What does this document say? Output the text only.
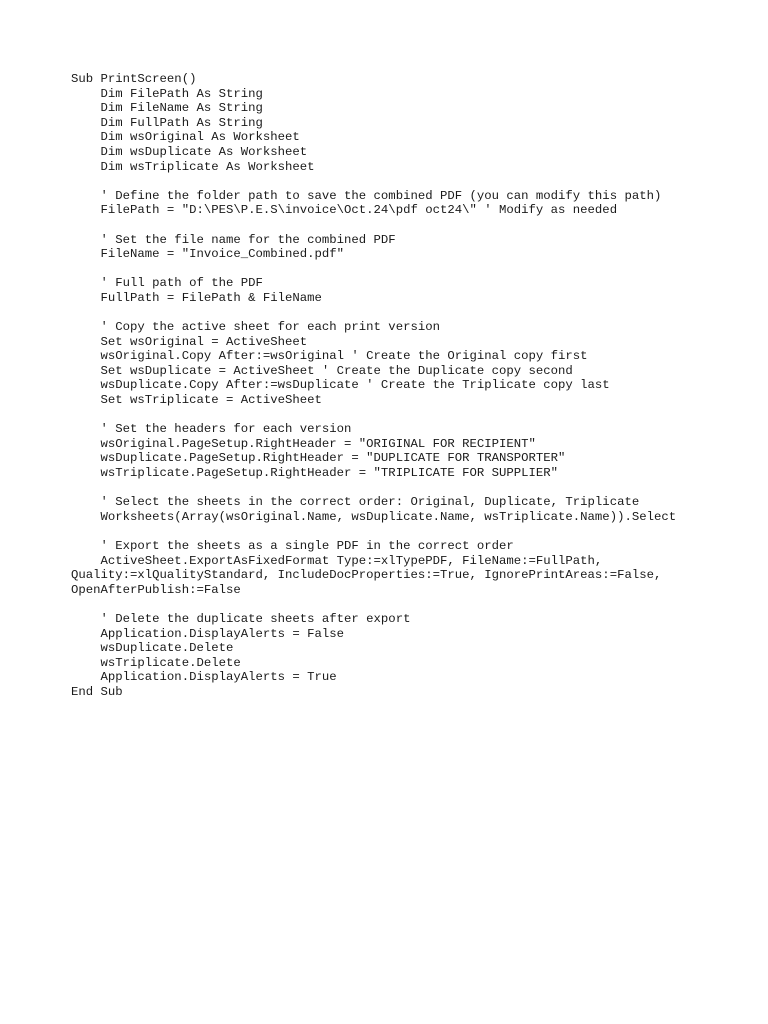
Sub PrintScreen()
Dim FilePath As String
Dim FileName As String
Dim FullPath As String
Dim wsOriginal As Worksheet
Dim wsDuplicate As Worksheet
Dim wsTriplicate As Worksheet
' Define the folder path to save the combined PDF (you can modify this path)
FilePath = "D:\PES\P.E.S\invoice\Oct.24\pdf oct24\" ' Modify as needed
' Set the file name for the combined PDF
FileName = "Invoice_Combined.pdf"
' Full path of the PDF
FullPath = FilePath & FileName
' Copy the active sheet for each print version
Set wsOriginal = ActiveSheet
wsOriginal.Copy After:=wsOriginal ' Create the Original copy first
Set wsDuplicate = ActiveSheet ' Create the Duplicate copy second
wsDuplicate.Copy After:=wsDuplicate ' Create the Triplicate copy last
Set wsTriplicate = ActiveSheet
' Set the headers for each version
wsOriginal.PageSetup.RightHeader = "ORIGINAL FOR RECIPIENT"
wsDuplicate.PageSetup.RightHeader = "DUPLICATE FOR TRANSPORTER"
wsTriplicate.PageSetup.RightHeader = "TRIPLICATE FOR SUPPLIER"
' Select the sheets in the correct order: Original, Duplicate, Triplicate
Worksheets(Array(wsOriginal.Name, wsDuplicate.Name, wsTriplicate.Name)).Select
' Export the sheets as a single PDF in the correct order
ActiveSheet.ExportAsFixedFormat Type:=xlTypePDF, FileName:=FullPath,
Quality:=xlQualityStandard, IncludeDocProperties:=True, IgnorePrintAreas:=False,
OpenAfterPublish:=False
' Delete the duplicate sheets after export
Application.DisplayAlerts = False
wsDuplicate.Delete
wsTriplicate.Delete
Application.DisplayAlerts = True
End Sub
